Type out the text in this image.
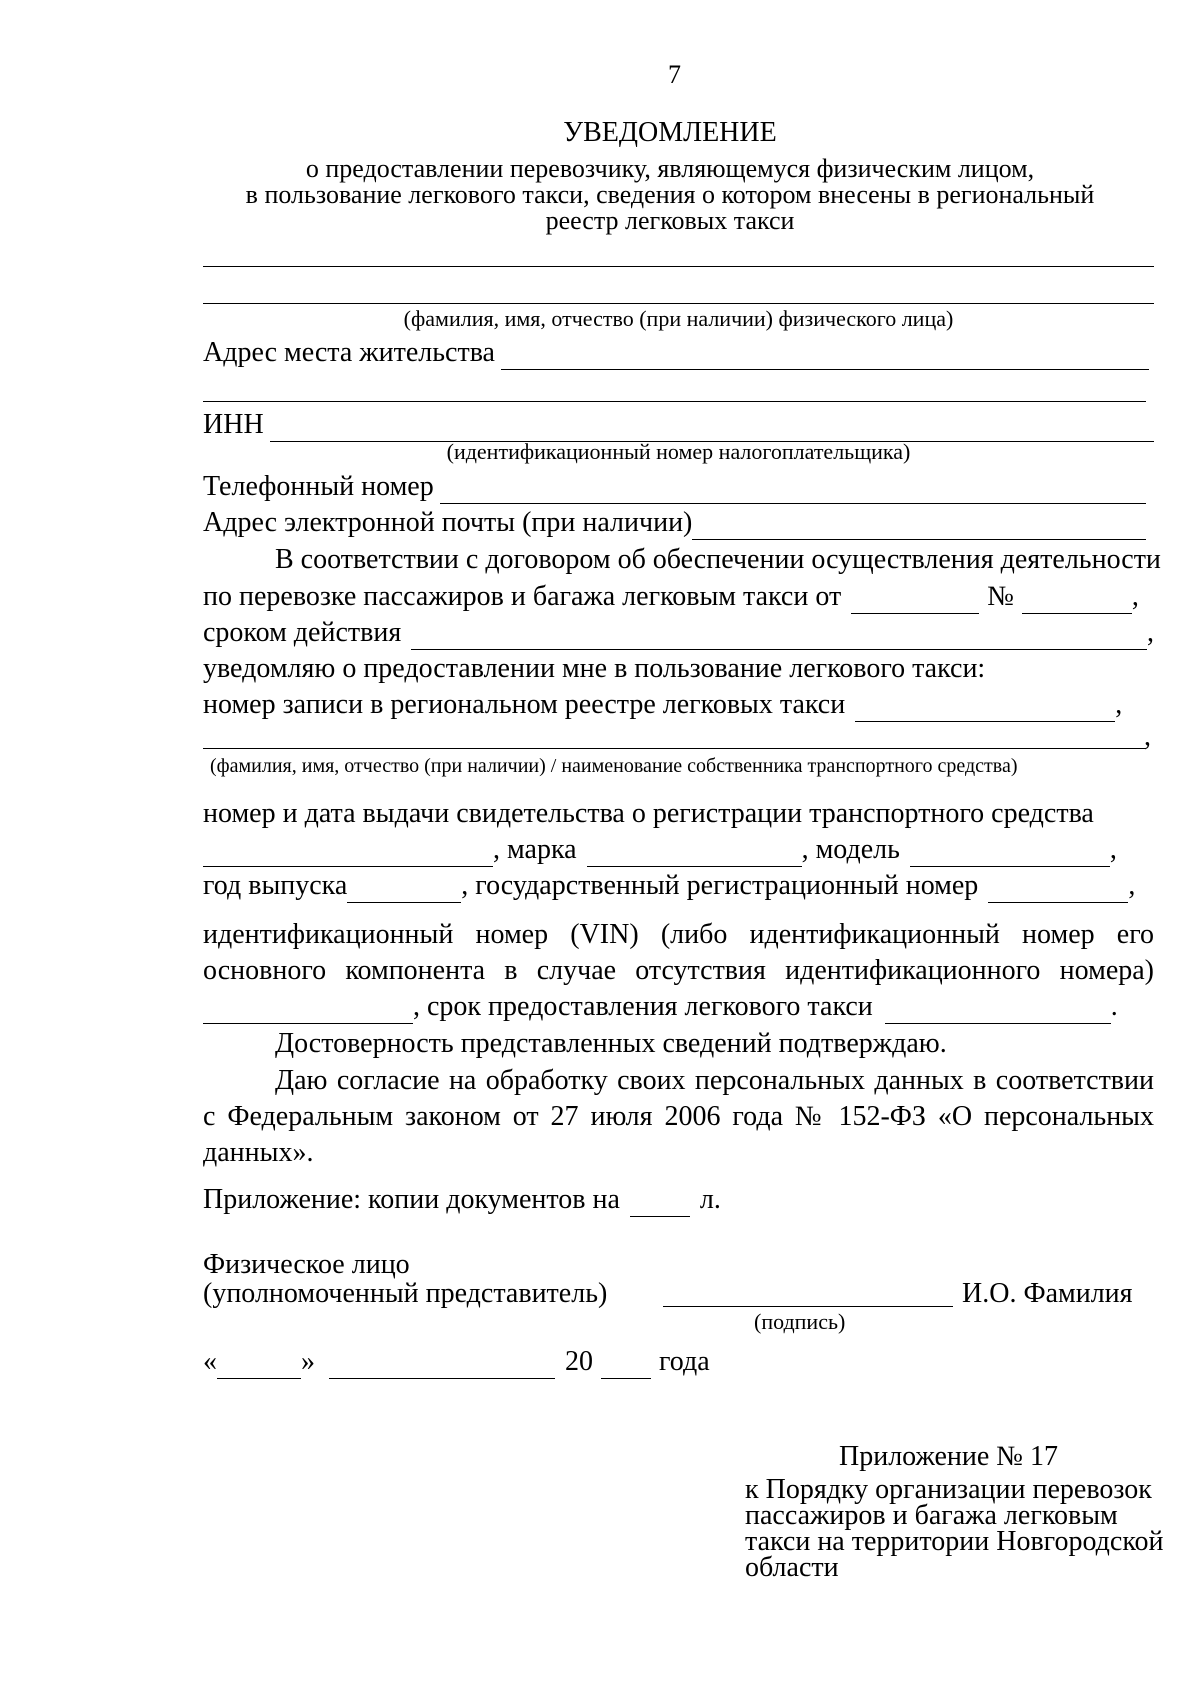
7
УВЕДОМЛЕНИЕ
о предоставлении перевозчику, являющемуся физическим лицом,
в пользование легкового такси, сведения о котором внесены в региональный
реестр легковых такси
(фамилия, имя, отчество (при наличии) физического лица)
Адрес места жительства
ИНН
(идентификационный номер налогоплательщика)
Телефонный номер
Адрес электронной почты (при наличии)
В соответствии с договором об обеспечении осуществления деятельности
по перевозке пассажиров и багажа легковым такси от	№	,
сроком действия	,
уведомляю о предоставлении мне в пользование легкового такси:
номер записи в региональном реестре легковых такси	,
,
(фамилия, имя, отчество (при наличии) / наименование собственника транспортного средства)
номер и дата выдачи свидетельства о регистрации транспортного средства
, марка	, модель	,
год выпуска	, государственный регистрационный номер	,
идентификационный номер (VIN) (либо идентификационный номер его
основного компонента в случае отсутствия идентификационного номера)
, срок предоставления легкового такси	.
Достоверность представленных сведений подтверждаю.
Даю согласие на обработку своих персональных данных в соответствии
с Федеральным законом от 27 июля 2006 года № 152-ФЗ «О персональных
данных».
Приложение: копии документов на	л.
Физическое лицо
(уполномоченный представитель)	И.О. Фамилия
(подпись)
«	»	20 года
Приложение № 17
к Порядку организации перевозок
пассажиров и багажа легковым
такси на территории Новгородской
области
